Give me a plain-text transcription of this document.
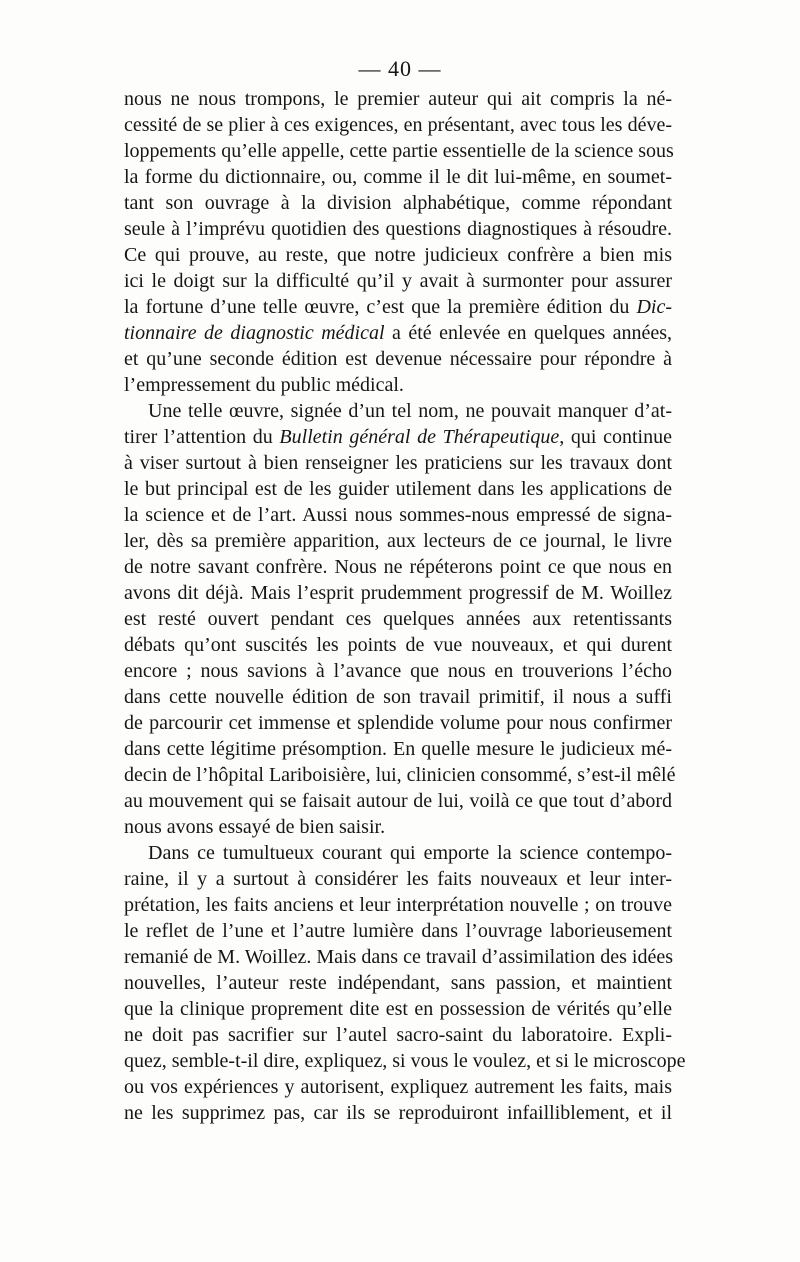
— 40 —

nous ne nous trompons, le premier auteur qui ait compris la né-
cessité de se plier à ces exigences, en présentant, avec tous les déve-
loppements qu’elle appelle, cette partie essentielle de la science sous
la forme du dictionnaire, ou, comme il le dit lui-même, en soumet-
tant son ouvrage à la division alphabétique, comme répondant
seule à l’imprévu quotidien des questions diagnostiques à résoudre.
Ce qui prouve, au reste, que notre judicieux confrère a bien mis
ici le doigt sur la difficulté qu’il y avait à surmonter pour assurer
la fortune d’une telle œuvre, c’est que la première édition du Dic-
tionnaire de diagnostic médical a été enlevée en quelques années,
et qu’une seconde édition est devenue nécessaire pour répondre à
l’empressement du public médical.

Une telle œuvre, signée d’un tel nom, ne pouvait manquer d’at-
tirer l’attention du Bulletin général de Thérapeutique, qui continue
à viser surtout à bien renseigner les praticiens sur les travaux dont
le but principal est de les guider utilement dans les applications de
la science et de l’art. Aussi nous sommes-nous empressé de signa-
ler, dès sa première apparition, aux lecteurs de ce journal, le livre
de notre savant confrère. Nous ne répéterons point ce que nous en
avons dit déjà. Mais l’esprit prudemment progressif de M. Woillez
est resté ouvert pendant ces quelques années aux retentissants
débats qu’ont suscités les points de vue nouveaux, et qui durent
encore ; nous savions à l’avance que nous en trouverions l’écho
dans cette nouvelle édition de son travail primitif, il nous a suffi
de parcourir cet immense et splendide volume pour nous confirmer
dans cette légitime présomption. En quelle mesure le judicieux mé-
decin de l’hôpital Lariboisière, lui, clinicien consommé, s’est-il mêlé
au mouvement qui se faisait autour de lui, voilà ce que tout d’abord
nous avons essayé de bien saisir.

Dans ce tumultueux courant qui emporte la science contempo-
raine, il y a surtout à considérer les faits nouveaux et leur inter-
prétation, les faits anciens et leur interprétation nouvelle ; on trouve
le reflet de l’une et l’autre lumière dans l’ouvrage laborieusement
remanié de M. Woillez. Mais dans ce travail d’assimilation des idées
nouvelles, l’auteur reste indépendant, sans passion, et maintient
que la clinique proprement dite est en possession de vérités qu’elle
ne doit pas sacrifier sur l’autel sacro-saint du laboratoire. Expli-
quez, semble-t-il dire, expliquez, si vous le voulez, et si le microscope
ou vos expériences y autorisent, expliquez autrement les faits, mais
ne les supprimez pas, car ils se reproduiront infailliblement, et il
